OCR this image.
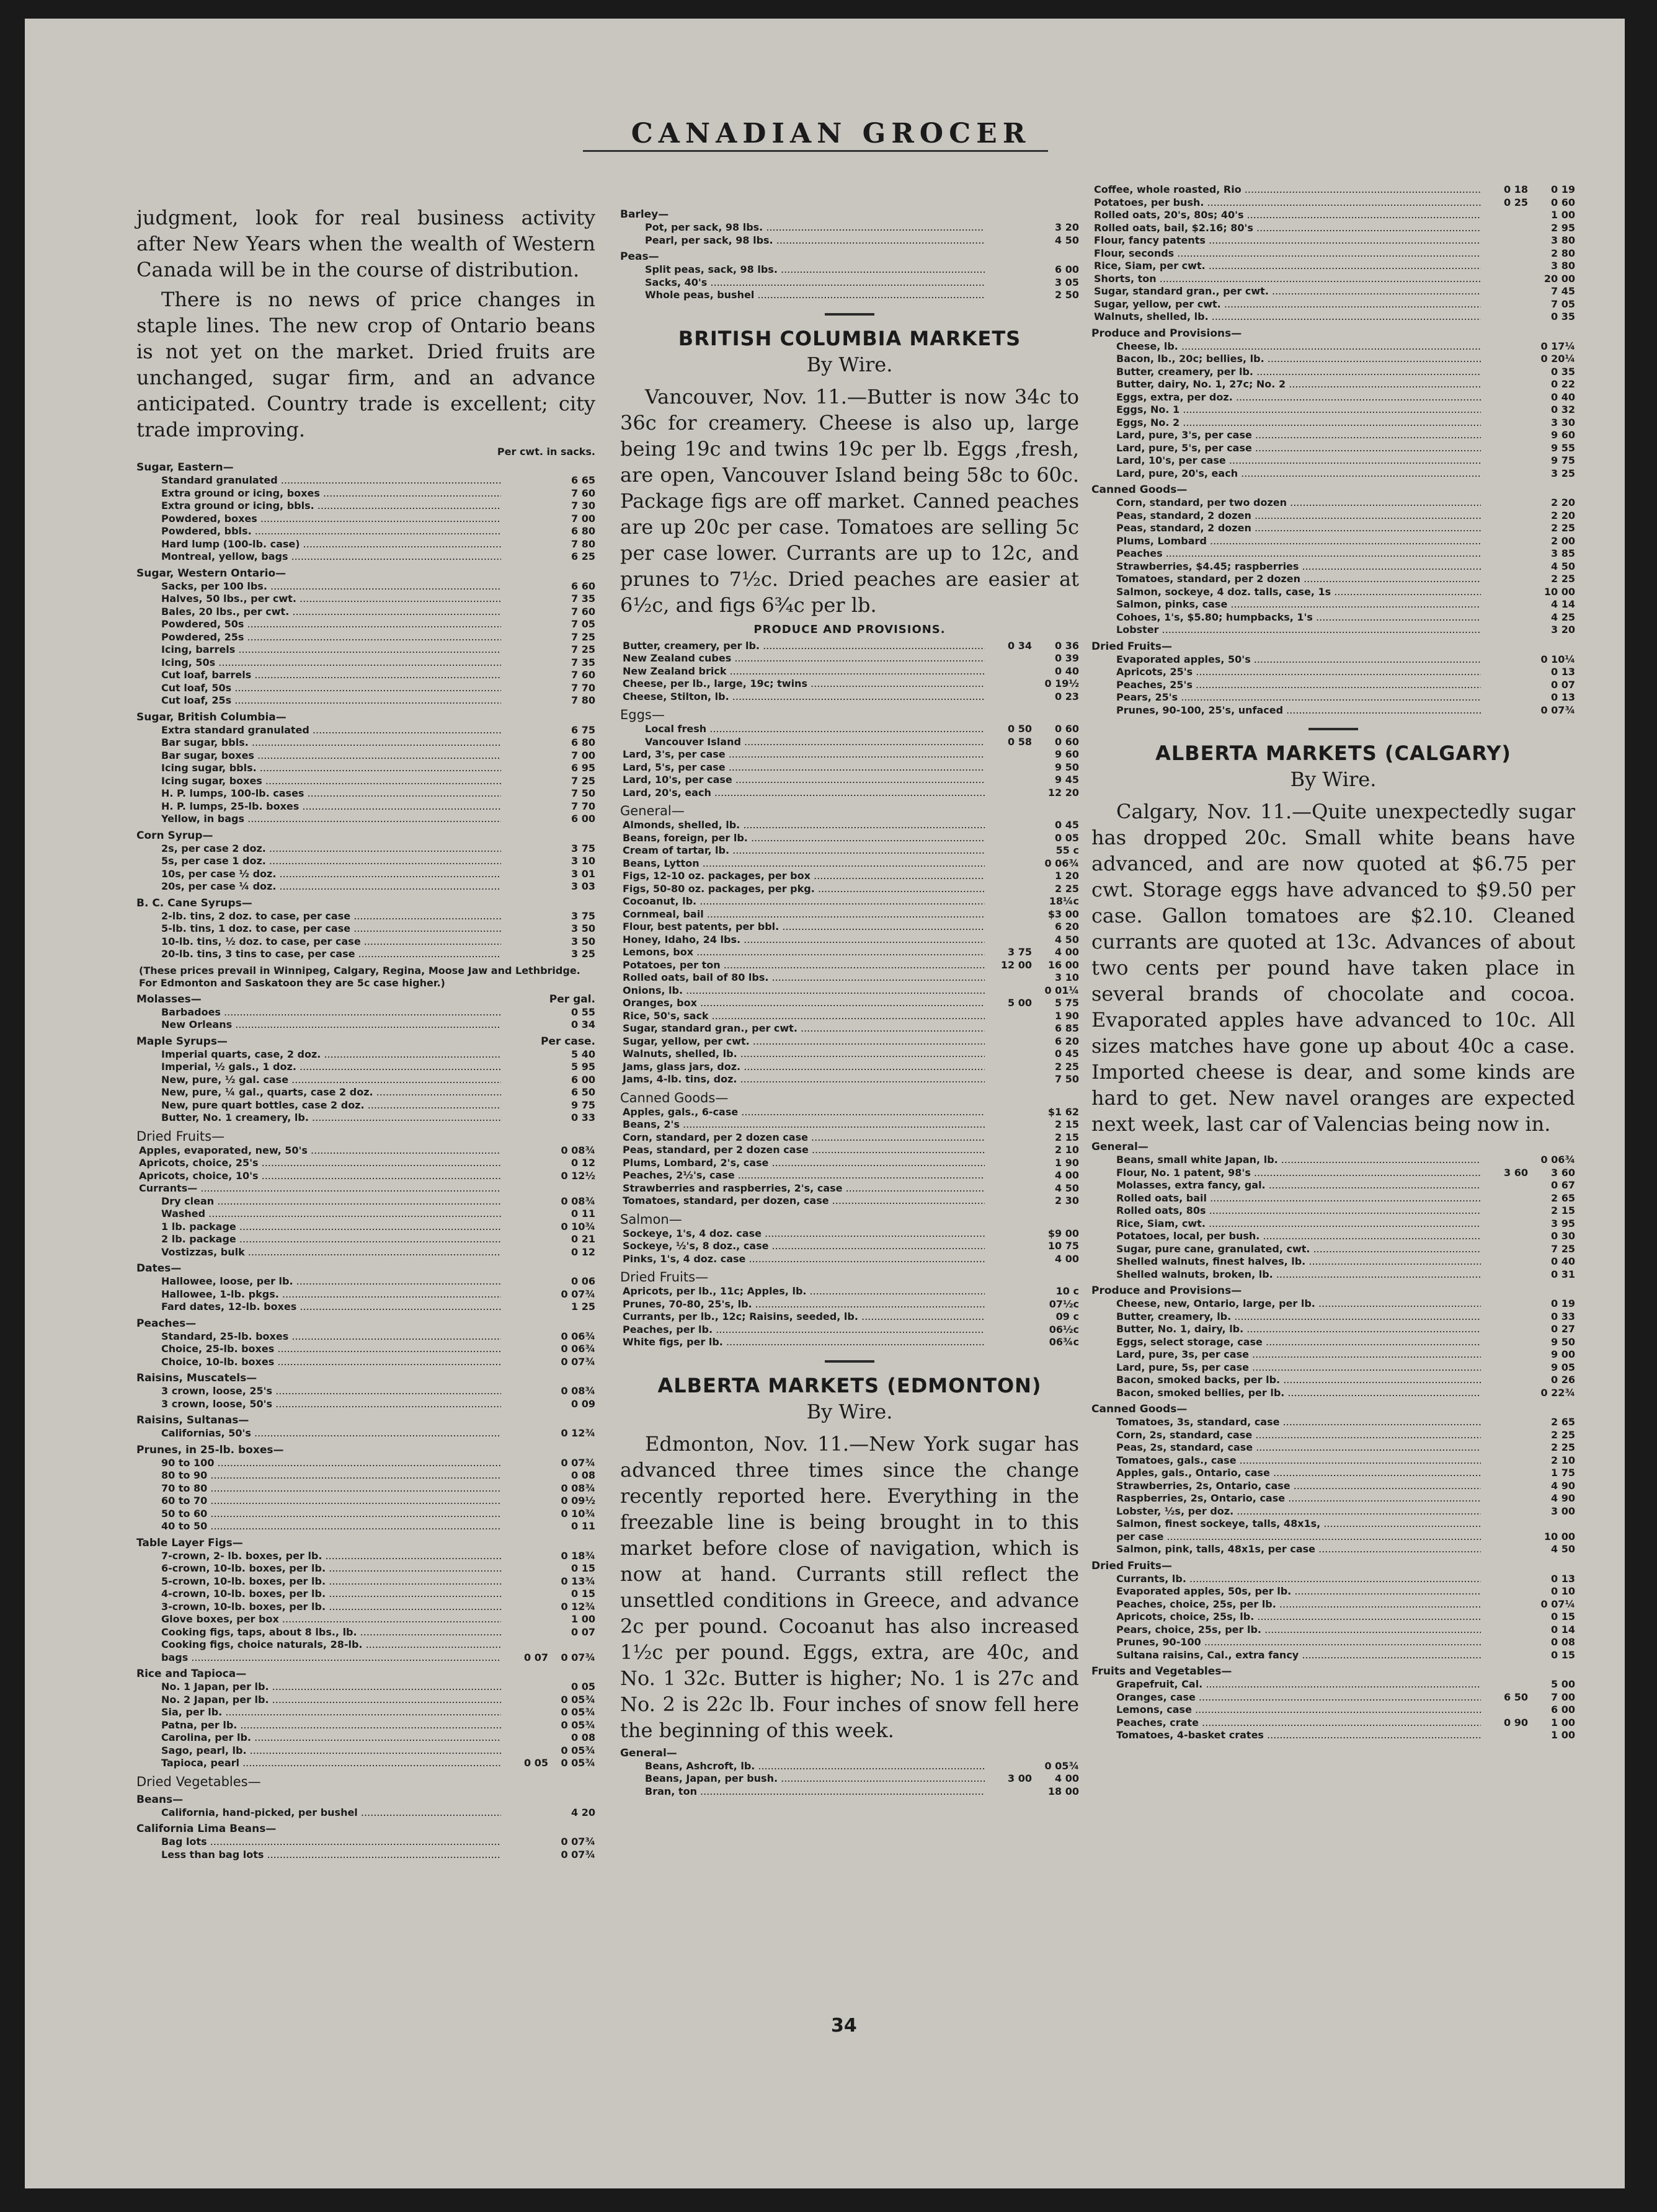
CANADIAN GROCER

judgment, look for real business activity after New Years when the wealth of Western Canada will be in the course of distribution.

There is no news of price changes in staple lines. The new crop of Ontario beans is not yet on the market. Dried fruits are unchanged, sugar firm, and an advance anticipated. Country trade is excellent; city trade improving.

Per cwt. in sacks.
Sugar, Eastern—
Standard granulated .....	6 65
Extra ground or icing, boxes .....	7 60
Extra ground or icing, bbls. .....	7 30
Powdered, boxes .....	7 00
Powdered, bbls. .....	6 80
Hard lump (100-lb. case) .....	7 80
Montreal, yellow, bags .....	6 25
Sugar, Western Ontario—
Sacks, per 100 lbs. .....	6 60
Halves, 50 lbs., per cwt. .....	7 35
Bales, 20 lbs., per cwt. .....	7 60
Powdered, 50s .....	7 05
Powdered, 25s .....	7 25
Icing, barrels .....	7 25
Icing, 50s .....	7 35
Cut loaf, barrels .....	7 60
Cut loaf, 50s .....	7 70
Cut loaf, 25s .....	7 80
Sugar, British Columbia—
Extra standard granulated .....	6 75
Bar sugar, bbls. .....	6 80
Bar sugar, boxes .....	7 00
Icing sugar, bbls. .....	6 95
Icing sugar, boxes .....	7 25
H. P. lumps, 100-lb. cases .....	7 50
H. P. lumps, 25-lb. boxes .....	7 70
Yellow, in bags .....	6 00
Corn Syrup—
2s, per case 2 doz. .....	3 75
5s, per case 1 doz. .....	3 10
10s, per case ½ doz. .....	3 01
20s, per case ¼ doz. .....	3 03
B. C. Cane Syrups—
2-lb. tins, 2 doz. to case, per case .....	3 75
5-lb. tins, 1 doz. to case, per case .....	3 50
10-lb. tins, ½ doz. to case, per case .....	3 50
20-lb. tins, 3 tins to case, per case .....	3 25
(These prices prevail in Winnipeg, Calgary, Regina, Moose Jaw and Lethbridge. For Edmonton and Saskatoon they are 5c case higher.)
Molasses—	Per gal.
Barbadoes .....	0 55
New Orleans .....	0 34
Maple Syrups—	Per case.
Imperial quarts, case, 2 doz. .....	5 40
Imperial, ½ gals., 1 doz. .....	5 95
New, pure, ½ gal. case .....	6 00
New, pure, ¼ gal., quarts, case 2 doz. .....	6 50
New, pure quart bottles, case 2 doz. .....	9 75
Butter, No. 1 creamery, lb. .....	0 33
Dried Fruits—
Apples, evaporated, new, 50's .....	0 08¾
Apricots, choice, 25's .....	0 12
Apricots, choice, 10's .....	0 12½
Currants— .....
Dry clean .....	0 08¾
Washed .....	0 11
1 lb. package .....	0 10¾
2 lb. package .....	0 21
Vostizzas, bulk .....	0 12
Dates—
Hallowee, loose, per lb. .....	0 06
Hallowee, 1-lb. pkgs. .....	0 07¾
Fard dates, 12-lb. boxes .....	1 25
Peaches—
Standard, 25-lb. boxes .....	0 06¾
Choice, 25-lb. boxes .....	0 06¾
Choice, 10-lb. boxes .....	0 07¾
Raisins, Muscatels—
3 crown, loose, 25's .....	0 08¾
3 crown, loose, 50's .....	0 09
Raisins, Sultanas—
Californias, 50's .....	0 12¾
Prunes, in 25-lb. boxes—
90 to 100 .....	0 07¾
80 to 90 .....	0 08
70 to 80 .....	0 08¾
60 to 70 .....	0 09½
50 to 60 .....	0 10¾
40 to 50 .....	0 11
Table Layer Figs—
7-crown, 2- lb. boxes, per lb. .....	0 18¾
6-crown, 10-lb. boxes, per lb. .....	0 15
5-crown, 10-lb. boxes, per lb. .....	0 13¾
4-crown, 10-lb. boxes, per lb. .....	0 15
3-crown, 10-lb. boxes, per lb. .....	0 12¾
Glove boxes, per box .....	1 00
Cooking figs, taps, about 8 lbs., lb. .....	0 07
Cooking figs, choice naturals, 28-lb. .....
bags .....	0 07	0 07¾
Rice and Tapioca—
No. 1 Japan, per lb. .....	0 05
No. 2 Japan, per lb. .....	0 05¾
Sia, per lb. .....	0 05¾
Patna, per lb. .....	0 05¾
Carolina, per lb. .....	0 08
Sago, pearl, lb. .....	0 05¾
Tapioca, pearl .....	0 05	0 05¾
Dried Vegetables—
Beans—
California, hand-picked, per bushel .....	4 20
California Lima Beans—
Bag lots .....	0 07¾
Less than bag lots .....	0 07¾
Barley—
Pot, per sack, 98 lbs. .....	3 20
Pearl, per sack, 98 lbs. .....	4 50
Peas—
Split peas, sack, 98 lbs. .....	6 00
Sacks, 40's .....	3 05
Whole peas, bushel .....	2 50
BRITISH COLUMBIA MARKETS
By Wire.

Vancouver, Nov. 11.—Butter is now 34c to 36c for creamery. Cheese is also up, large being 19c and twins 19c per lb. Eggs ,fresh, are open, Vancouver Island being 58c to 60c. Package figs are off market. Canned peaches are up 20c per case. Tomatoes are selling 5c per case lower. Currants are up to 12c, and prunes to 7½c. Dried peaches are easier at 6½c, and figs 6¾c per lb.

PRODUCE AND PROVISIONS.
Butter, creamery, per lb. .....	0 34	0 36
New Zealand cubes .....	0 39
New Zealand brick .....	0 40
Cheese, per lb., large, 19c; twins .....	0 19½
Cheese, Stilton, lb. .....	0 23
Eggs—
Local fresh .....	0 50	0 60
Vancouver Island .....	0 58	0 60
Lard, 3's, per case .....	9 60
Lard, 5's, per case .....	9 50
Lard, 10's, per case .....	9 45
Lard, 20's, each .....	12 20
General—
Almonds, shelled, lb. .....	0 45
Beans, foreign, per lb. .....	0 05
Cream of tartar, lb. .....	55 c
Beans, Lytton .....	0 06¾
Figs, 12-10 oz. packages, per box .....	1 20
Figs, 50-80 oz. packages, per pkg. .....	2 25
Cocoanut, lb. .....	18¼c
Cornmeal, bail .....	$3 00
Flour, best patents, per bbl. .....	6 20
Honey, Idaho, 24 lbs. .....	4 50
Lemons, box .....	3 75	4 00
Potatoes, per ton .....	12 00	16 00
Rolled oats, bail of 80 lbs. .....	3 10
Onions, lb. .....	0 01¼
Oranges, box .....	5 00	5 75
Rice, 50's, sack .....	1 90
Sugar, standard gran., per cwt. .....	6 85
Sugar, yellow, per cwt. .....	6 20
Walnuts, shelled, lb. .....	0 45
Jams, glass jars, doz. .....	2 25
Jams, 4-lb. tins, doz. .....	7 50
Canned Goods—
Apples, gals., 6-case .....	$1 62
Beans, 2's .....	2 15
Corn, standard, per 2 dozen case .....	2 15
Peas, standard, per 2 dozen case .....	2 10
Plums, Lombard, 2's, case .....	1 90
Peaches, 2½'s, case .....	4 00
Strawberries and raspberries, 2's, case .....	4 50
Tomatoes, standard, per dozen, case .....	2 30
Salmon—
Sockeye, 1's, 4 doz. case .....	$9 00
Sockeye, ½'s, 8 doz., case .....	10 75
Pinks, 1's, 4 doz. case .....	4 00
Dried Fruits—
Apricots, per lb., 11c; Apples, lb. .....	10 c
Prunes, 70-80, 25's, lb. .....	07½c
Currants, per lb., 12c; Raisins, seeded, lb. .....	09 c
Peaches, per lb. .....	06½c
White figs, per lb. .....	06¾c
ALBERTA MARKETS (EDMONTON)
By Wire.

Edmonton, Nov. 11.—New York sugar has advanced three times since the change recently reported here. Everything in the freezable line is being brought in to this market before close of navigation, which is now at hand. Currants still reflect the unsettled conditions in Greece, and advance 2c per pound. Cocoanut has also increased 1½c per pound. Eggs, extra, are 40c, and No. 1 32c. Butter is higher; No. 1 is 27c and No. 2 is 22c lb. Four inches of snow fell here the beginning of this week.

General—
Beans, Ashcroft, lb. .....	0 05¾
Beans, Japan, per bush. .....	3 00	4 00
Bran, ton .....	18 00
Coffee, whole roasted, Rio .....	0 18	0 19
Potatoes, per bush. .....	0 25	0 60
Rolled oats, 20's, 80s; 40's .....	1 00
Rolled oats, bail, $2.16; 80's .....	2 95
Flour, fancy patents .....	3 80
Flour, seconds .....	2 80
Rice, Siam, per cwt. .....	3 80
Shorts, ton .....	20 00
Sugar, standard gran., per cwt. .....	7 45
Sugar, yellow, per cwt. .....	7 05
Walnuts, shelled, lb. .....	0 35
Produce and Provisions—
Cheese, lb. .....	0 17¼
Bacon, lb., 20c; bellies, lb. .....	0 20¼
Butter, creamery, per lb. .....	0 35
Butter, dairy, No. 1, 27c; No. 2 .....	0 22
Eggs, extra, per doz. .....	0 40
Eggs, No. 1 .....	0 32
Eggs, No. 2 .....	3 30
Lard, pure, 3's, per case .....	9 60
Lard, pure, 5's, per case .....	9 55
Lard, 10's, per case .....	9 75
Lard, pure, 20's, each .....	3 25
Canned Goods—
Corn, standard, per two dozen .....	2 20
Peas, standard, 2 dozen .....	2 20
Peas, standard, 2 dozen .....	2 25
Plums, Lombard .....	2 00
Peaches .....	3 85
Strawberries, $4.45; raspberries .....	4 50
Tomatoes, standard, per 2 dozen .....	2 25
Salmon, sockeye, 4 doz. talls, case, 1s .....	10 00
Salmon, pinks, case .....	4 14
Cohoes, 1's, $5.80; humpbacks, 1's .....	4 25
Lobster .....	3 20
Dried Fruits—
Evaporated apples, 50's .....	0 10¼
Apricots, 25's .....	0 13
Peaches, 25's .....	0 07
Pears, 25's .....	0 13
Prunes, 90-100, 25's, unfaced .....	0 07¾
ALBERTA MARKETS (CALGARY)
By Wire.

Calgary, Nov. 11.—Quite unexpectedly sugar has dropped 20c. Small white beans have advanced, and are now quoted at $6.75 per cwt. Storage eggs have advanced to $9.50 per case. Gallon tomatoes are $2.10. Cleaned currants are quoted at 13c. Advances of about two cents per pound have taken place in several brands of chocolate and cocoa. Evaporated apples have advanced to 10c. All sizes matches have gone up about 40c a case. Imported cheese is dear, and some kinds are hard to get. New navel oranges are expected next week, last car of Valencias being now in.

General—
Beans, small white Japan, lb. .....	0 06¾
Flour, No. 1 patent, 98's .....	3 60	3 60
Molasses, extra fancy, gal. .....	0 67
Rolled oats, bail .....	2 65
Rolled oats, 80s .....	2 15
Rice, Siam, cwt. .....	3 95
Potatoes, local, per bush. .....	0 30
Sugar, pure cane, granulated, cwt. .....	7 25
Shelled walnuts, finest halves, lb. .....	0 40
Shelled walnuts, broken, lb. .....	0 31
Produce and Provisions—
Cheese, new, Ontario, large, per lb. .....	0 19
Butter, creamery, lb. .....	0 33
Butter, No. 1, dairy, lb. .....	0 27
Eggs, select storage, case .....	9 50
Lard, pure, 3s, per case .....	9 00
Lard, pure, 5s, per case .....	9 05
Bacon, smoked backs, per lb. .....	0 26
Bacon, smoked bellies, per lb. .....	0 22¾
Canned Goods—
Tomatoes, 3s, standard, case .....	2 65
Corn, 2s, standard, case .....	2 25
Peas, 2s, standard, case .....	2 25
Tomatoes, gals., case .....	2 10
Apples, gals., Ontario, case .....	1 75
Strawberries, 2s, Ontario, case .....	4 90
Raspberries, 2s, Ontario, case .....	4 90
Lobster, ½s, per doz. .....	3 00
Salmon, finest sockeye, talls, 48x1s, .....
per case .....	10 00
Salmon, pink, talls, 48x1s, per case .....	4 50
Dried Fruits—
Currants, lb. .....	0 13
Evaporated apples, 50s, per lb. .....	0 10
Peaches, choice, 25s, per lb. .....	0 07¼
Apricots, choice, 25s, lb. .....	0 15
Pears, choice, 25s, per lb. .....	0 14
Prunes, 90-100 .....	0 08
Sultana raisins, Cal., extra fancy .....	0 15
Fruits and Vegetables—
Grapefruit, Cal. .....	5 00
Oranges, case .....	6 50	7 00
Lemons, case .....	6 00
Peaches, crate .....	0 90	1 00
Tomatoes, 4-basket crates .....	1 00
34
